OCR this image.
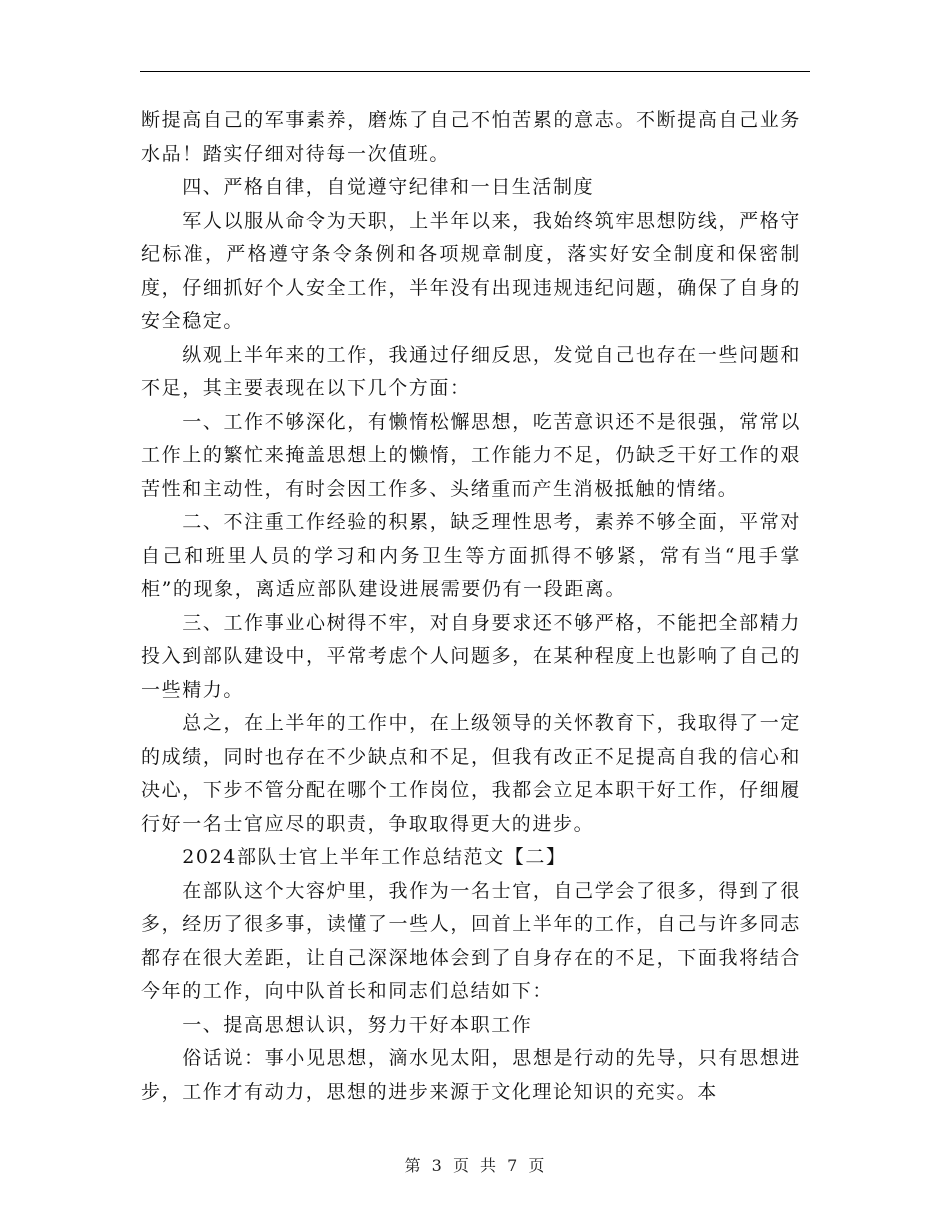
断提高自己的军事素养，磨炼了自己不怕苦累的意志。不断提高自己业务水品！踏实仔细对待每一次值班。

　　四、严格自律，自觉遵守纪律和一日生活制度

　　军人以服从命令为天职，上半年以来，我始终筑牢思想防线，严格守纪标准，严格遵守条令条例和各项规章制度，落实好安全制度和保密制度，仔细抓好个人安全工作，半年没有出现违规违纪问题，确保了自身的安全稳定。

　　纵观上半年来的工作，我通过仔细反思，发觉自己也存在一些问题和不足，其主要表现在以下几个方面：

　　一、工作不够深化，有懒惰松懈思想，吃苦意识还不是很强，常常以工作上的繁忙来掩盖思想上的懒惰，工作能力不足，仍缺乏干好工作的艰苦性和主动性，有时会因工作多、头绪重而产生消极抵触的情绪。

　　二、不注重工作经验的积累，缺乏理性思考，素养不够全面，平常对自己和班里人员的学习和内务卫生等方面抓得不够紧，常有当“甩手掌柜”的现象，离适应部队建设进展需要仍有一段距离。

　　三、工作事业心树得不牢，对自身要求还不够严格，不能把全部精力投入到部队建设中，平常考虑个人问题多，在某种程度上也影响了自己的一些精力。

　　总之，在上半年的工作中，在上级领导的关怀教育下，我取得了一定的成绩，同时也存在不少缺点和不足，但我有改正不足提高自我的信心和决心，下步不管分配在哪个工作岗位，我都会立足本职干好工作，仔细履行好一名士官应尽的职责，争取取得更大的进步。

　　2024部队士官上半年工作总结范文【二】

　　在部队这个大容炉里，我作为一名士官，自己学会了很多，得到了很多，经历了很多事，读懂了一些人，回首上半年的工作，自己与许多同志都存在很大差距，让自己深深地体会到了自身存在的不足，下面我将结合今年的工作，向中队首长和同志们总结如下：

　　一、提高思想认识，努力干好本职工作

　　俗话说：事小见思想，滴水见太阳，思想是行动的先导，只有思想进步，工作才有动力，思想的进步来源于文化理论知识的充实。本

第 3 页 共 7 页
